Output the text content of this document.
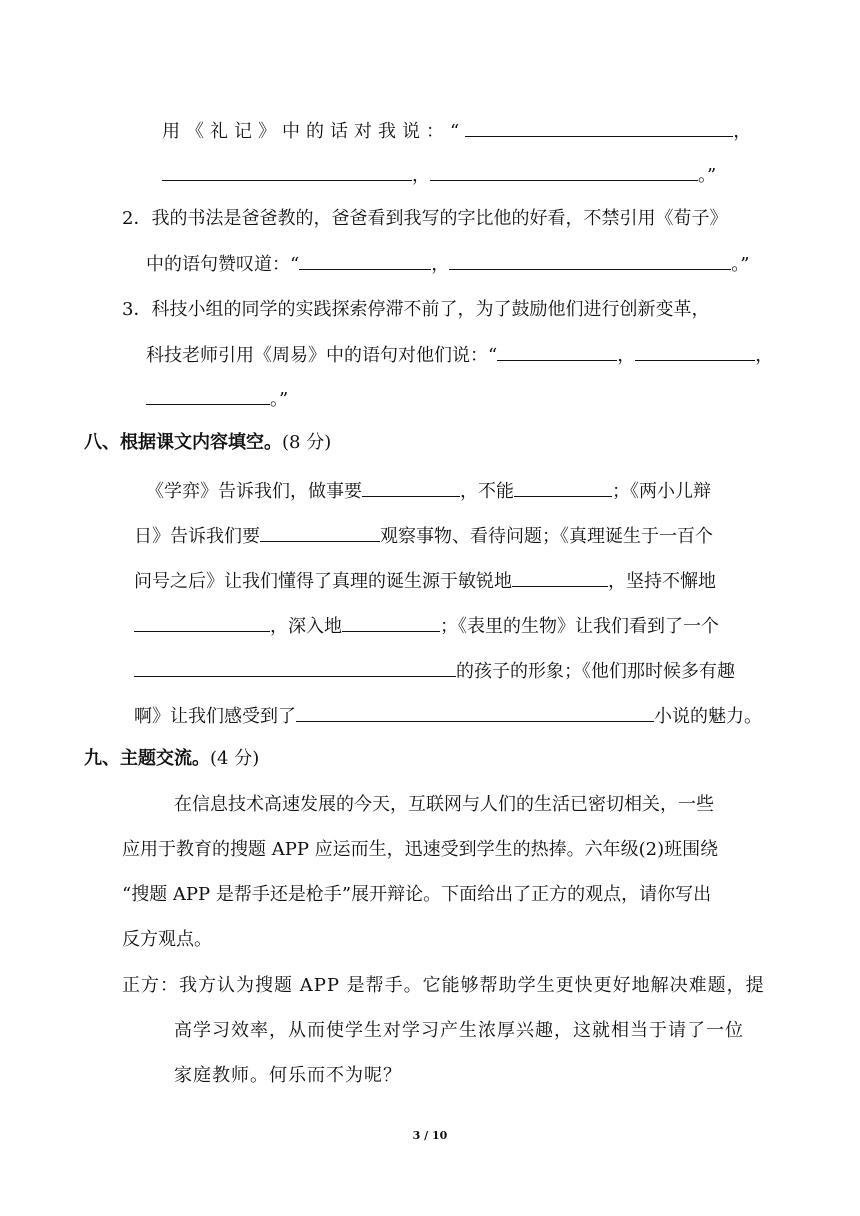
用《礼记》中的话对我说：“	，
，	。”
2．我的书法是爸爸教的，爸爸看到我写的字比他的好看，不禁引用《荀子》
中的语句赞叹道：“	，	。”
3．科技小组的同学的实践探索停滞不前了，为了鼓励他们进行创新变革，
科技老师引用《周易》中的语句对他们说：“	，	，
。”
八、根据课文内容填空。(8 分)
《学弈》告诉我们，做事要	，不能	；《两小儿辩
日》告诉我们要	观察事物、看待问题；《真理诞生于一百个
问号之后》让我们懂得了真理的诞生源于敏锐地	，坚持不懈地
，深入地	；《表里的生物》让我们看到了一个
的孩子的形象；《他们那时候多有趣
啊》让我们感受到了	小说的魅力。
九、主题交流。(4 分)
在信息技术高速发展的今天，互联网与人们的生活已密切相关，一些
应用于教育的搜题 APP 应运而生，迅速受到学生的热捧。六年级(2)班围绕
“搜题 APP 是帮手还是枪手”展开辩论。下面给出了正方的观点，请你写出
反方观点。
正方：我方认为搜题 APP 是帮手。它能够帮助学生更快更好地解决难题，提
高学习效率，从而使学生对学习产生浓厚兴趣，这就相当于请了一位
家庭教师。何乐而不为呢？
3 / 10
